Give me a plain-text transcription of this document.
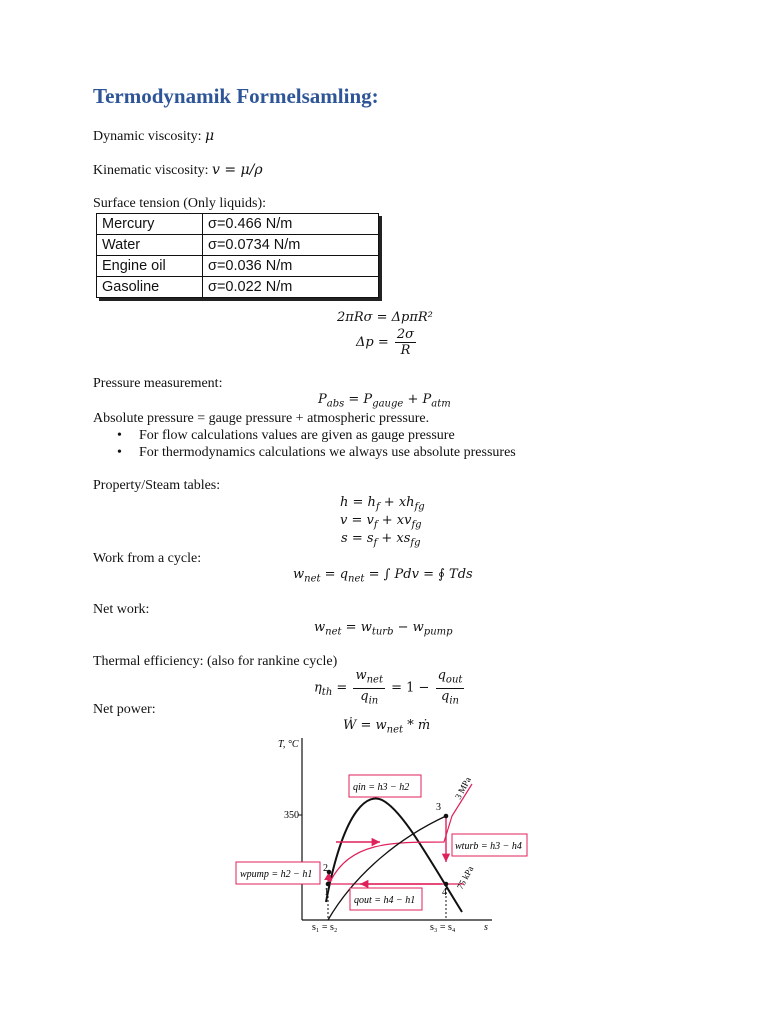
Termodynamik Formelsamling:
Dynamic viscosity: μ
Kinematic viscosity: v = μ/ρ
Surface tension (Only liquids):
Mercury	σ=0.466 N/m
Water	σ=0.0734 N/m
Engine oil	σ=0.036 N/m
Gasoline	σ=0.022 N/m
2πRσ = ΔpπR²
$\Delta p = \frac{2\sigma}{R}$
Pressure measurement:
$P_{abs} = P_{gauge} + P_{atm}$
Absolute pressure = gauge pressure + atmospheric pressure.
• For flow calculations values are given as gauge pressure
• For thermodynamics calculations we always use absolute pressures
Property/Steam tables:
$h = h_f + xh_{fg}$
$v = v_f + xv_{fg}$
$s = s_f + xs_{fg}$
Work from a cycle:
$w_{net} = q_{net}$ = ∫ Pdv = ∮ Tds
Net work:
$w_{net} = w_{turb} - w_{pump}$
Thermal efficiency: (also for rankine cycle)
$\eta_{th} = \frac{w_{net}}{q_{in}} = 1 - \frac{q_{out}}{q_{in}}$
Net power:
Ẇ = $w_{net}$ * ṁ
T, °C
s
350
s₁ = s₂	s₃ = s₄
1
2
3
4
3 MPa
75 kPa
qin = h3 − h2
wturb = h3 − h4
wpump = h2 − h1
qout = h4 − h1
